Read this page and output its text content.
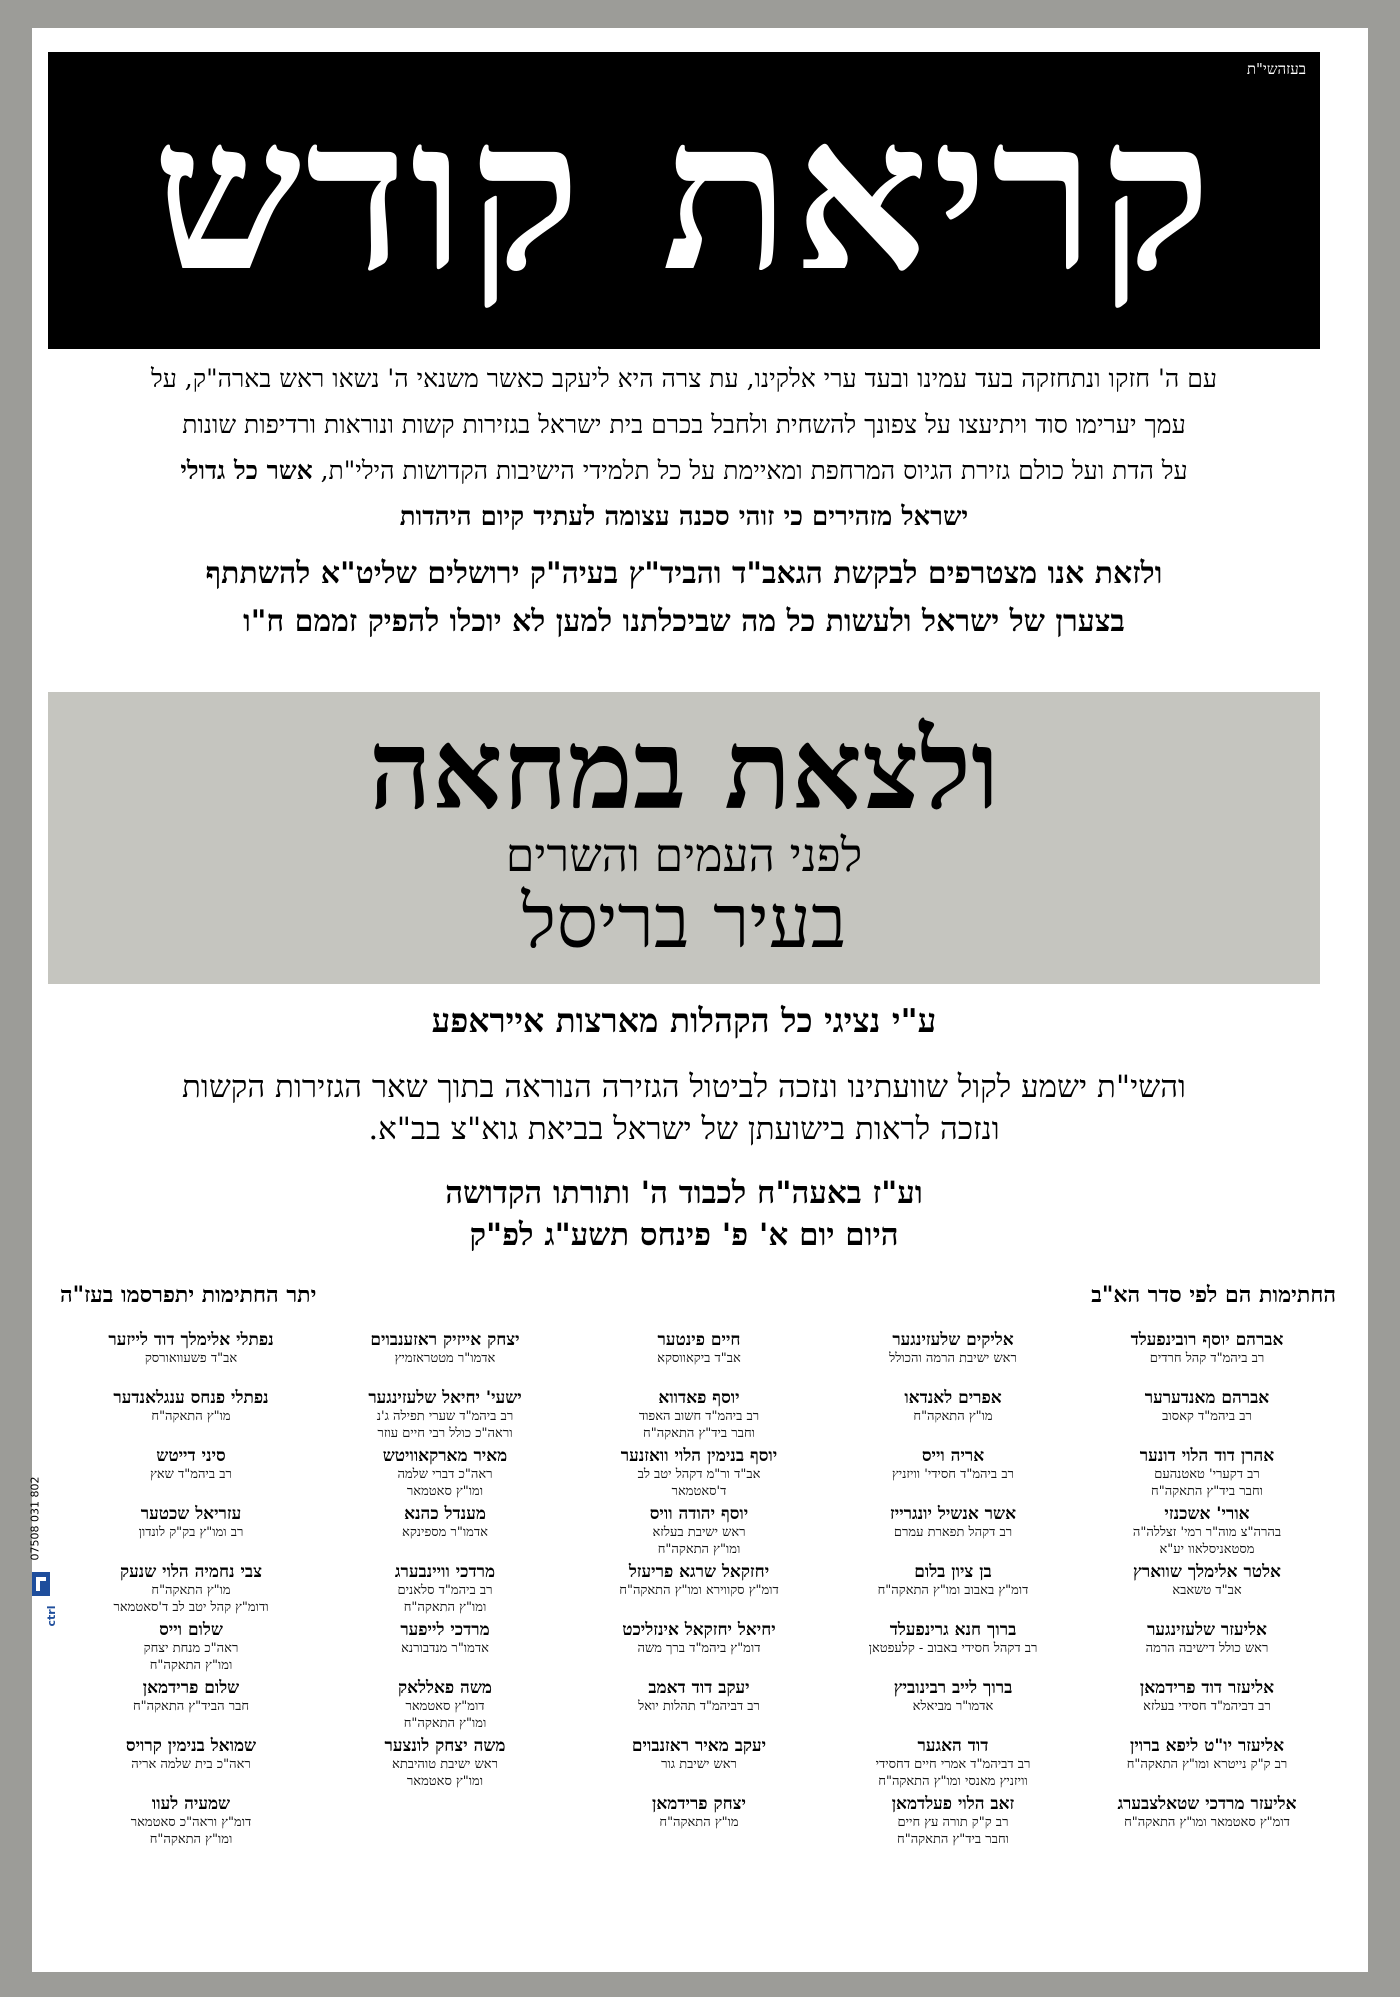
בעזהשי"ת
קריאת קודש

עם ה' חזקו ונתחזקה בעד עמינו ובעד ערי אלקינו, עת צרה היא ליעקב כאשר משנאי ה' נשאו ראש בארה"ק, על

עמך יערימו סוד ויתיעצו על צפונך להשחית ולחבל בכרם בית ישראל בגזירות קשות ונוראות ורדיפות שונות

על הדת ועל כולם גזירת הגיוס המרחפת ומאיימת על כל תלמידי הישיבות הקדושות הילי"ת, אשר כל גדולי

ישראל מזהירים כי זוהי סכנה עצומה לעתיד קיום היהדות

ולזאת אנו מצטרפים לבקשת הגאב"ד והביד"ץ בעיה"ק ירושלים שליט"א להשתתף

בצערן של ישראל ולעשות כל מה שביכלתנו למען לא יוכלו להפיק זממם ח"ו

ולצאת במחאה
לפני העמים והשרים
בעיר בריסל
ע"י נציגי כל הקהלות מארצות אייראפע
והשי"ת ישמע לקול שוועתינו ונזכה לביטול הגזירה הנוראה בתוך שאר הגזירות הקשות
ונזכה לראות בישועתן של ישראל בביאת גוא"צ בב"א.
וע"ז באעה"ח לכבוד ה' ותורתו הקדושה
היום יום א' פ' פינחס תשע"ג לפ"ק
החתימות הם לפי סדר הא"ב
יתר החתימות יתפרסמו בעז"ה
אברהם יוסף רובינפעלד
רב ביהמ"ד קהל חרדים
אברהם מאנדערער
רב ביהמ"ד קאסוב
אהרן דוד הלוי דונער
רב דקערי' טאטנהעם
וחבר ביד"ץ התאקה"ח
אורי' אשכנזי
בהרה"צ מוה"ר רמי' זצללה"ה
מסטאניסלאוו יע"א
אלטר אלימלך שווארץ
אב"ד טשאבא
אליעזר שלעזינגער
ראש כולל דישיבה הרמה
אליעזר דוד פרידמאן
רב דביהמ"ד חסידי בעלזא
אליעזר יו"ט ליפא ברוין
רב ק"ק נייטרא ומו"ץ התאקה"ח
אליעזר מרדכי שטאלצבערג
דומ"ץ סאטמאר ומו"ץ התאקה"ח
אליקים שלעזינגער
ראש ישיבת הרמה והכולל
אפרים לאנדאו
מו"ץ התאקה"ח
אריה וייס
רב ביהמ"ד חסידי' וויזניץ
אשר אנשיל יונגרייז
רב דקהל תפארת עמרם
בן ציון בלום
דומ"ץ באבוב ומו"ץ התאקה"ח
ברוך חנא גרינפעלד
רב דקהל חסידי באבוב - קלעפטאן
ברוך לייב רבינוביץ
אדמו"ר מביאלא
דוד האגער
רב דביהמ"ד אמרי חיים דחסידי
וויזניץ מאנסי ומו"ץ התאקה"ח
זאב הלוי פעלדמאן
רב ק"ק תורה עץ חיים
וחבר ביד"ץ התאקה"ח
חיים פינטער
אב"ד ביקאווסקא
יוסף פאדווא
רב ביהמ"ד חשוב האפוד
וחבר ביד"ץ התאקה"ח
יוסף בנימין הלוי וואזנער
אב"ד ור"מ דקהל יטב לב
ד'סאטמאר
יוסף יהודה וויס
ראש ישיבת בעלזא
ומו"ץ התאקה"ח
יחזקאל שרגא פריעזל
דומ"ץ סקווירא ומו"ץ התאקה"ח
יחיאל יחזקאל אינזליכט
דומ"ץ ביהמ"ד ברך משה
יעקב דוד דאמב
רב דביהמ"ד תהלות יואל
יעקב מאיר ראזנבוים
ראש ישיבת גור
יצחק פרידמאן
מו"ץ התאקה"ח
יצחק אייזיק ראזענבוים
אדמו"ר מטטראזמיץ
ישעי' יחיאל שלעזינגער
רב ביהמ"ד שערי תפילה ג'נ
וראה"כ כולל רבי חיים עוזר
מאיר מארקאוויטש
ראה"כ דברי שלמה
ומו"ץ סאטמאר
מענדל כהנא
אדמו"ר מספינקא
מרדכי וויינבערג
רב ביהמ"ד סלאנים
ומו"ץ התאקה"ח
מרדכי לייפער
אדמו"ר מנדבורנא
משה פאללאק
דומ"ץ סאטמאר
ומו"ץ התאקה"ח
משה יצחק לונצער
ראש ישיבת טוהיבתא
ומו"ץ סאטמאר
נפתלי אלימלך דוד לייזער
אב"ד פשעוואורסק
נפתלי פנחס ענגלאנדער
מו"ץ התאקה"ח
סיני דייטש
רב ביהמ"ד שאץ
עזריאל שכטער
רב ומו"ץ בק"ק לונדון
צבי נחמיה הלוי שנעק
מו"ץ התאקה"ח
ודומ"ץ קהל יטב לב ד'סאטמאר
שלום וייס
ראה"כ מנחת יצחק
ומו"ץ התאקה"ח
שלום פרידמאן
חבר הביד"ץ התאקה"ח
שמואל בנימין קרויס
ראה"כ בית שלמה אריה
שמעיה לעוו
דומ"ץ וראה"כ סאטמאר
ומו"ץ התאקה"ח
07508 031 802
ctrl
